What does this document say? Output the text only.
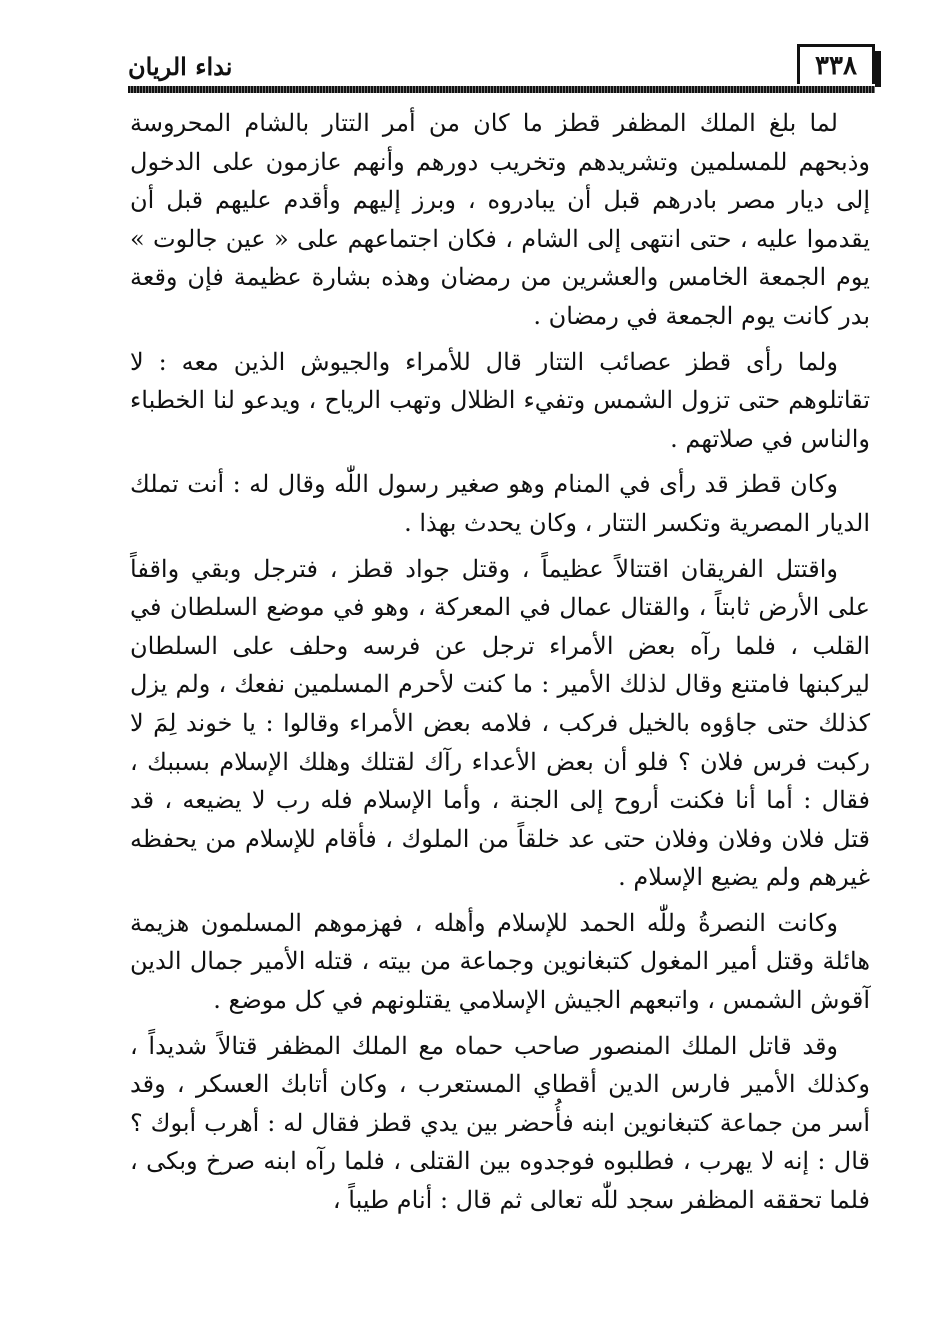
٣٣٨
نداء الريان

لما بلغ الملك المظفر قطز ما كان من أمر التتار بالشام المحروسة وذبحهم للمسلمين وتشريدهم وتخريب دورهم وأنهم عازمون على الدخول إلى ديار مصر بادرهم قبل أن يبادروه ، وبرز إليهم وأقدم عليهم قبل أن يقدموا عليه ، حتى انتهى إلى الشام ، فكان اجتماعهم على « عين جالوت » يوم الجمعة الخامس والعشرين من رمضان وهذه بشارة عظيمة فإن وقعة بدر كانت يوم الجمعة في رمضان .

ولما رأى قطز عصائب التتار قال للأمراء والجيوش الذين معه : لا تقاتلوهم حتى تزول الشمس وتفيء الظلال وتهب الرياح ، ويدعو لنا الخطباء والناس في صلاتهم .

وكان قطز قد رأى في المنام وهو صغير رسول اللّٰه وقال له : أنت تملك الديار المصرية وتكسر التتار ، وكان يحدث بهذا .

واقتتل الفريقان اقتتالاً عظيماً ، وقتل جواد قطز ، فترجل وبقي واقفاً على الأرض ثابتاً ، والقتال عمال في المعركة ، وهو في موضع السلطان في القلب ، فلما رآه بعض الأمراء ترجل عن فرسه وحلف على السلطان ليركبنها فامتنع وقال لذلك الأمير : ما كنت لأحرم المسلمين نفعك ، ولم يزل كذلك حتى جاؤوه بالخيل فركب ، فلامه بعض الأمراء وقالوا : يا خوند لِمَ لا ركبت فرس فلان ؟ فلو أن بعض الأعداء رآك لقتلك وهلك الإسلام بسببك ، فقال : أما أنا فكنت أروح إلى الجنة ، وأما الإسلام فله رب لا يضيعه ، قد قتل فلان وفلان وفلان حتى عد خلقاً من الملوك ، فأقام للإسلام من يحفظه غيرهم ولم يضيع الإسلام .

وكانت النصرةُ وللّٰه الحمد للإسلام وأهله ، فهزموهم المسلمون هزيمة هائلة وقتل أمير المغول كتبغانوين وجماعة من بيته ، قتله الأمير جمال الدين آقوش الشمس ، واتبعهم الجيش الإسلامي يقتلونهم في كل موضع .

وقد قاتل الملك المنصور صاحب حماه مع الملك المظفر قتالاً شديداً ، وكذلك الأمير فارس الدين أقطاي المستعرب ، وكان أتابك العسكر ، وقد أسر من جماعة كتبغانوين ابنه فأُحضر بين يدي قطز فقال له : أهرب أبوك ؟ قال : إنه لا يهرب ، فطلبوه فوجدوه بين القتلى ، فلما رآه ابنه صرخ وبكى ، فلما تحققه المظفر سجد للّٰه تعالى ثم قال : أنام طيباً ،
